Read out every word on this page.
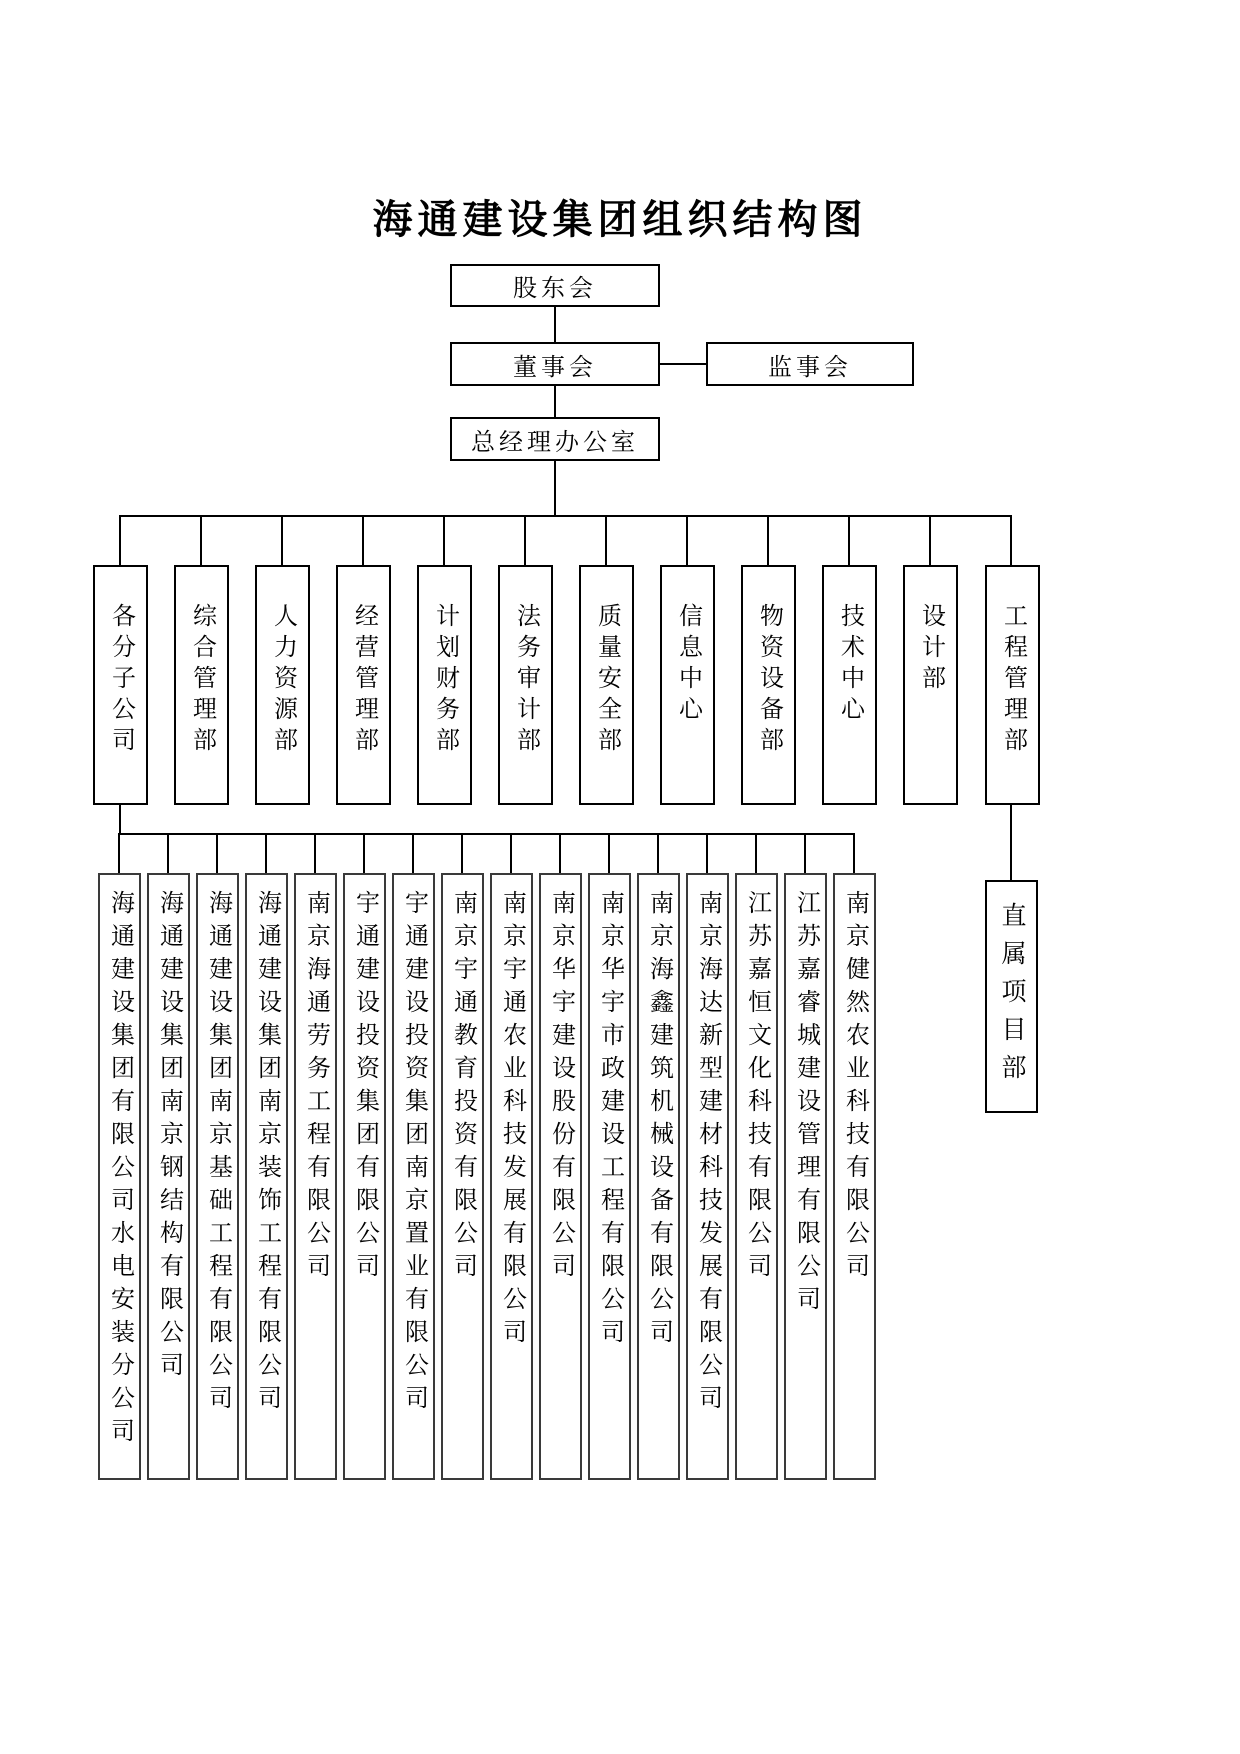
海通建设集团组织结构图
股东会
董事会	监事会
总经理办公室
各分子公司 综合管理部 人力资源部 经营管理部 计划财务部 法务审计部 质量安全部 信息中心 物资设备部 技术中心 设计部 工程管理部
海通建设集团有限公司水电安装分公司 海通建设集团南京钢结构有限公司 海通建设集团南京基础工程有限公司 海通建设集团南京装饰工程有限公司 南京海通劳务工程有限公司 宇通建设投资集团有限公司 宇通建设投资集团南京置业有限公司 南京宇通教育投资有限公司 南京宇通农业科技发展有限公司 南京华宇建设股份有限公司 南京华宇市政建设工程有限公司 南京海鑫建筑机械设备有限公司 南京海达新型建材科技发展有限公司 江苏嘉恒文化科技有限公司 江苏嘉睿城建设管理有限公司 南京健然农业科技有限公司	直属项目部
